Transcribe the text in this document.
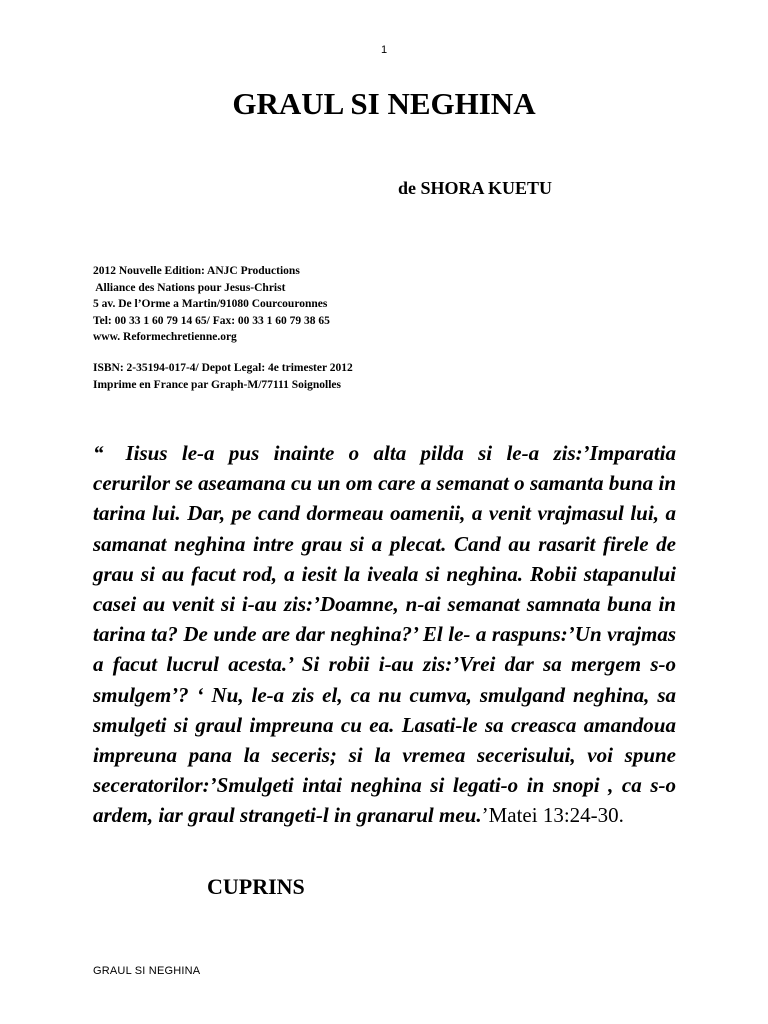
1
GRAUL SI NEGHINA
de SHORA KUETU
2012 Nouvelle Edition: ANJC Productions
Alliance des Nations pour Jesus-Christ
5 av. De l’Orme a Martin/91080 Courcouronnes
Tel: 00 33 1 60 79 14 65/ Fax: 00 33 1 60 79 38 65
www. Reformechretienne.org
ISBN: 2-35194-017-4/ Depot Legal: 4e trimester 2012
Imprime en France par Graph-M/77111 Soignolles
“ Iisus le-a pus inainte o alta pilda si le-a zis:’Imparatia cerurilor se aseamana cu un om care a semanat o samanta buna in tarina lui. Dar, pe cand dormeau oamenii, a venit vrajmasul lui, a samanat neghina intre grau si a plecat. Cand au rasarit firele de grau si au facut rod, a iesit la iveala si neghina. Robii stapanului casei au venit si i-au zis:’Doamne, n-ai semanat samnata buna in tarina ta? De unde are dar neghina?’ El le- a raspuns:’Un vrajmas a facut lucrul acesta.’ Si robii i-au zis:’Vrei dar sa mergem s-o smulgem’? ‘ Nu, le-a zis el, ca nu cumva, smulgand neghina, sa smulgeti si graul impreuna cu ea. Lasati-le sa creasca amandoua impreuna pana la seceris; si la vremea secerisului, voi spune seceratorilor:’Smulgeti intai neghina si legati-o in snopi , ca s-o ardem, iar graul strangeti-l in granarul meu.’Matei 13:24-30.
CUPRINS
GRAUL SI NEGHINA
